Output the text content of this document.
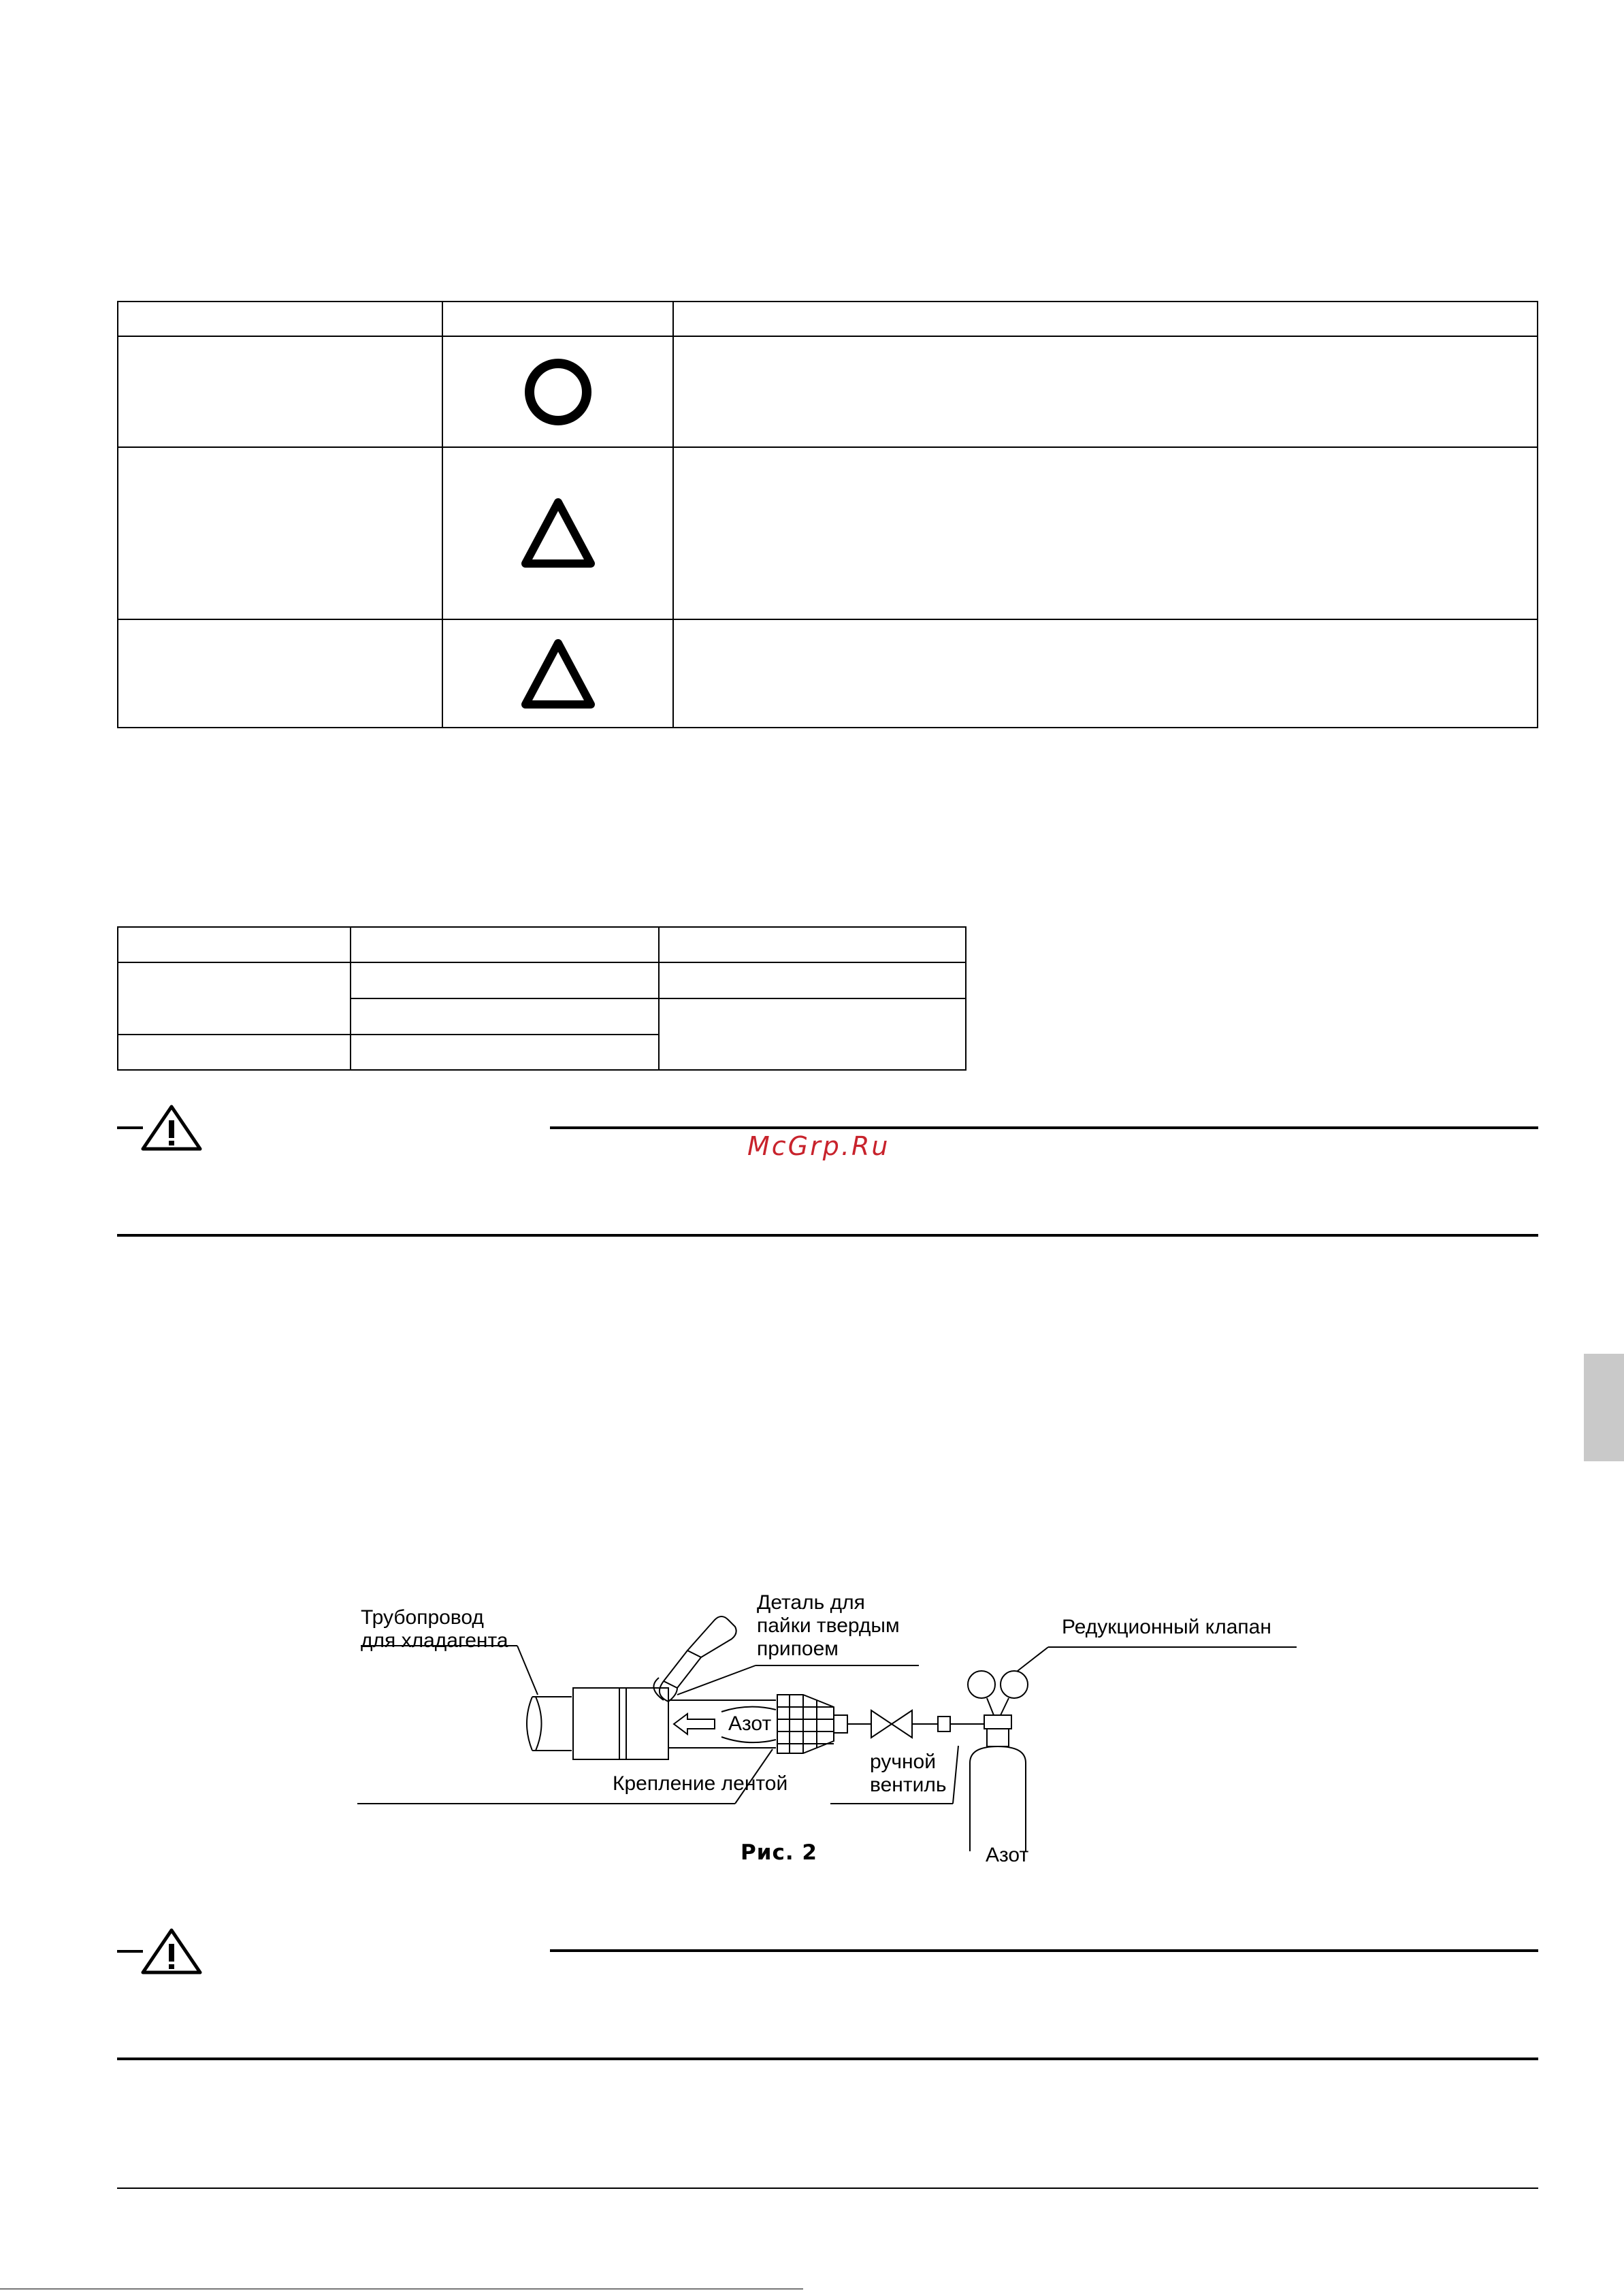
McGrp.Ru
Трубопровод
для хладагента
Деталь для
пайки твердым
припоем
Редукционный клапан
Азот
Крепление лентой
ручной
вентиль
Азот
Рис. 2
